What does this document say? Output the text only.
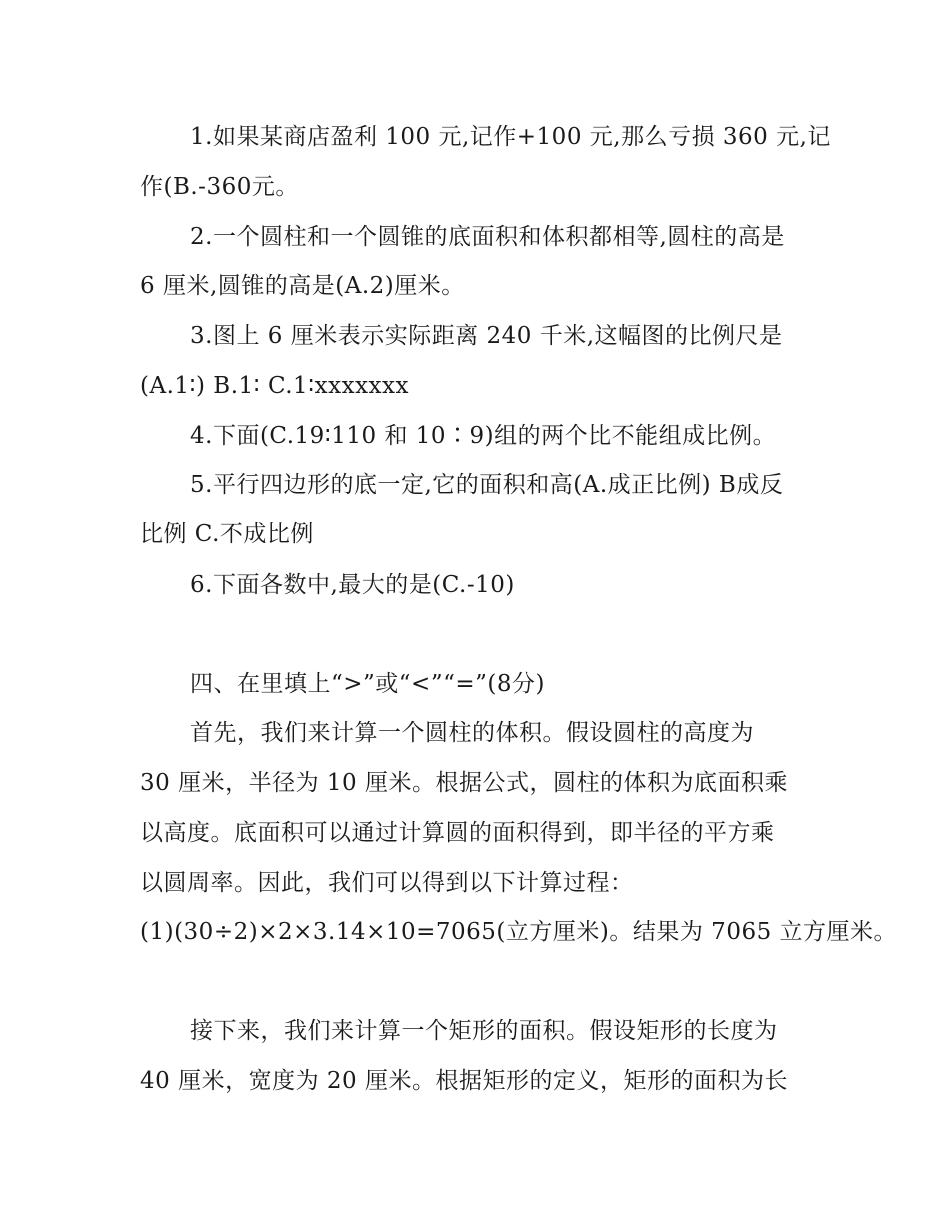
1.如果某商店盈利 100 元,记作+100 元,那么亏损 360 元,记
作(B.-360元。
2.一个圆柱和一个圆锥的底面积和体积都相等,圆柱的高是
6 厘米,圆锥的高是(A.2)厘米。
3.图上 6 厘米表示实际距离 240 千米,这幅图的比例尺是
(A.1∶) B.1∶ C.1∶xxxxxxx
4.下面(C.19∶110 和 10∶9)组的两个比不能组成比例。
5.平行四边形的底一定,它的面积和高(A.成正比例) B成反
比例 C.不成比例
6.下面各数中,最大的是(C.-10)
四、在里填上“>”或“<”“=”(8分)
首先，我们来计算一个圆柱的体积。假设圆柱的高度为
30 厘米，半径为 10 厘米。根据公式，圆柱的体积为底面积乘
以高度。底面积可以通过计算圆的面积得到，即半径的平方乘
以圆周率。因此，我们可以得到以下计算过程：
(1)(30÷2)×2×3.14×10=7065(立方厘米)。结果为 7065 立方厘米。
接下来，我们来计算一个矩形的面积。假设矩形的长度为
40 厘米，宽度为 20 厘米。根据矩形的定义，矩形的面积为长
